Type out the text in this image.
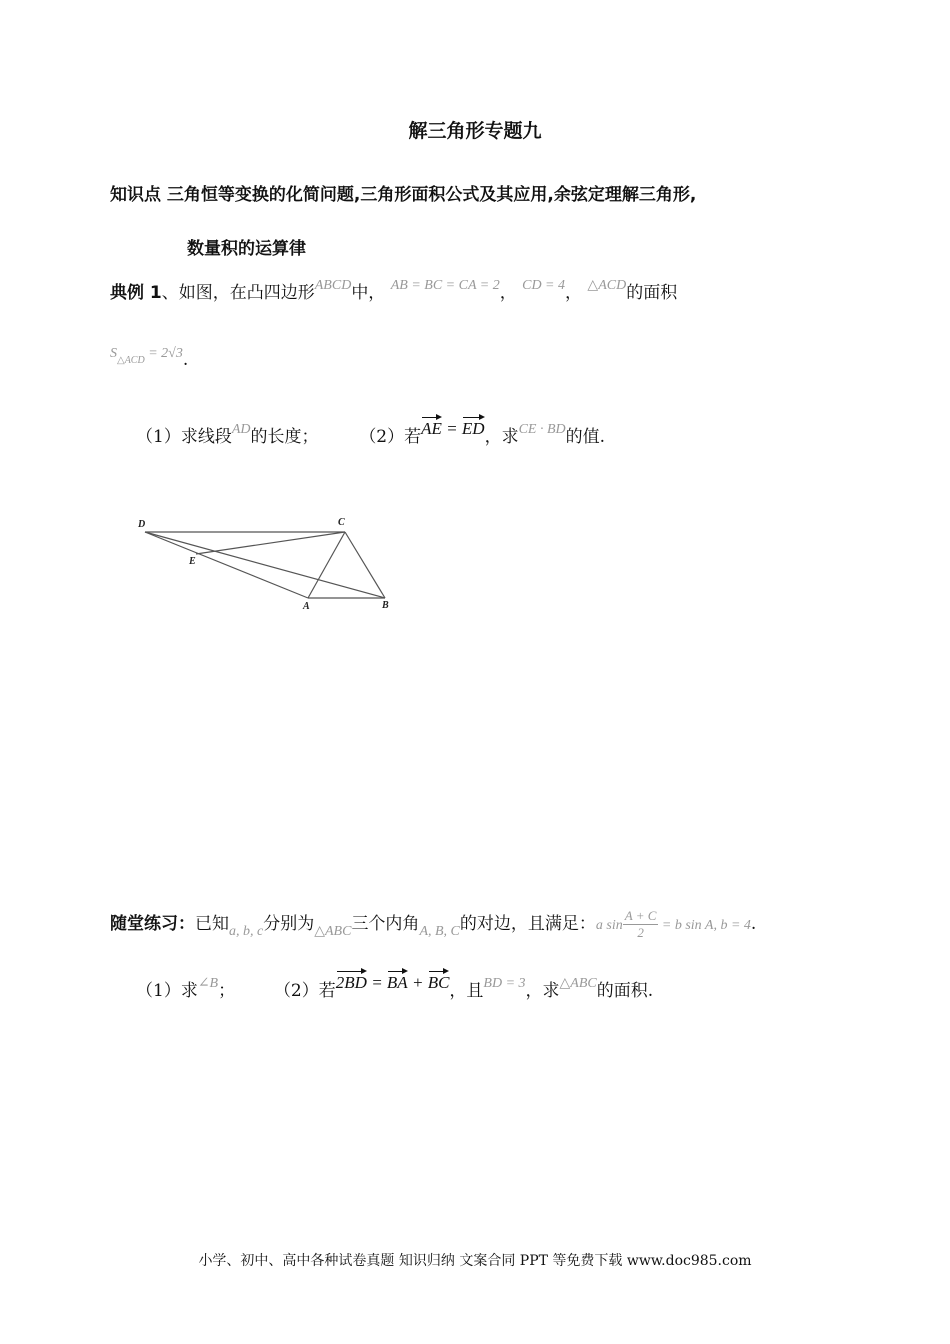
解三角形专题九
知识点 三角恒等变换的化简问题,三角形面积公式及其应用,余弦定理解三角形,
数量积的运算律
典例 1、如图，在凸四边形$^{ABCD}$中， $^{AB = BC = CA = 2}$， $^{CD = 4}$， $^{\triangle ACD}$的面积
$S_{\triangle ACD} = 2√3$.
（1）求线段$^{AD}$的长度； （2）若AE = ED，求$^{CE \cdot BD}$的值.
D	C
E
A	B
随堂练习：已知$_{a, b, c}$分别为$_{\triangle ABC}$三个内角$_{A, B, C}$的对边，且满足：a $\sin \frac{A + C}{2} = b$ sin A, b = 4.
（1）求$^{\angle B}$； （2）若2BD = BA + BC，且$^{BD = 3}$，求$^{\triangle ABC}$的面积.
小学、初中、高中各种试卷真题 知识归纳 文案合同 PPT 等免费下载 www.doc985.com
